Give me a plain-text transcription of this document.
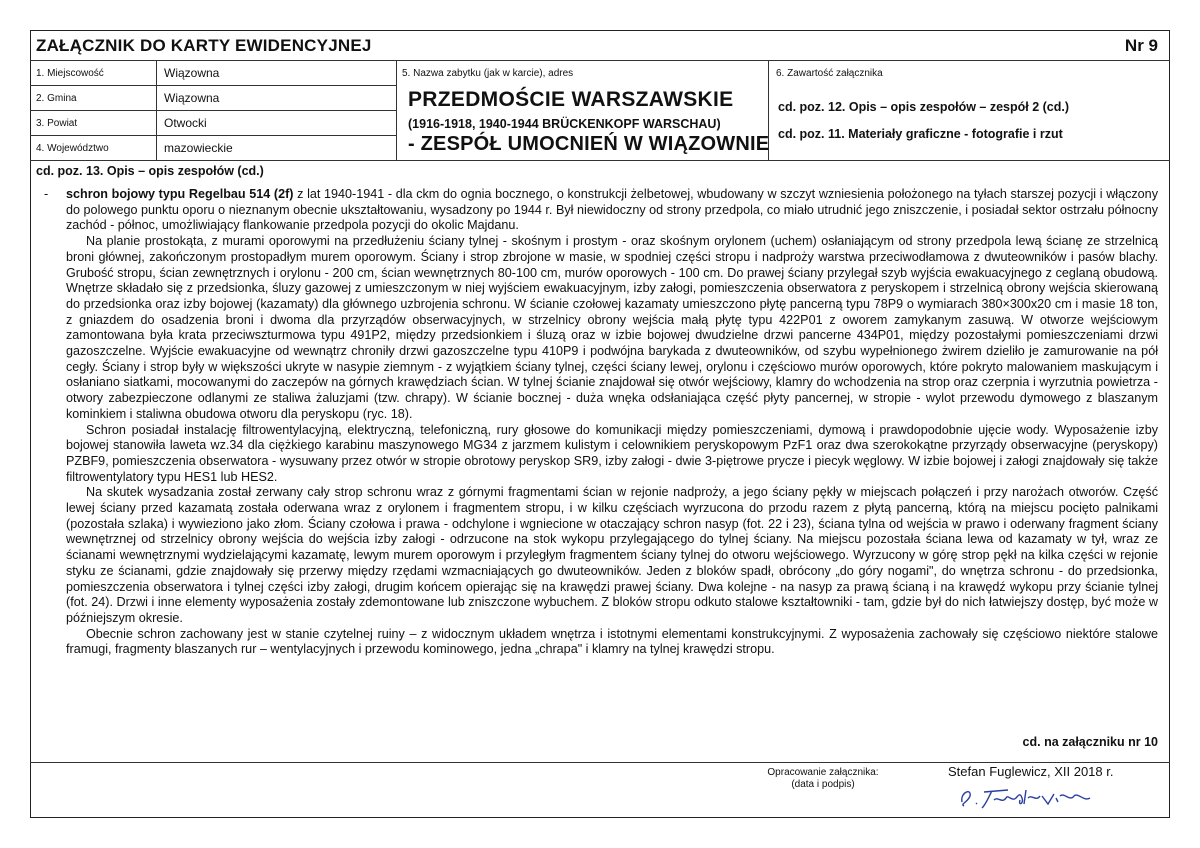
ZAŁĄCZNIK DO KARTY EWIDENCYJNEJ	Nr 9
1. Miejscowość	Wiązowna
2. Gmina	Wiązowna
3. Powiat	Otwocki
4. Województwo	mazowieckie
5. Nazwa zabytku (jak w karcie), adres
PRZEDMOŚCIE WARSZAWSKIE
(1916-1918, 1940-1944 BRÜCKENKOPF WARSCHAU)
- ZESPÓŁ UMOCNIEŃ W WIĄZOWNIE
6. Zawartość załącznika
cd. poz. 12. Opis – opis zespołów – zespół 2 (cd.)
cd. poz. 11. Materiały graficzne - fotografie i rzut
cd. poz. 13. Opis – opis zespołów (cd.)
- schron bojowy typu Regelbau 514 (2f) z lat 1940-1941 - dla ckm do ognia bocznego, o konstrukcji żelbetowej, wbudowany w szczyt wzniesienia położonego na tyłach starszej pozycji i włączony do polowego punktu oporu o nieznanym obecnie ukształtowaniu, wysadzony po 1944 r. Był niewidoczny od strony przedpola, co miało utrudnić jego zniszczenie, i posiadał sektor ostrzału północny zachód - północ, umożliwiający flankowanie przedpola pozycji do okolic Majdanu.

Na planie prostokąta, z murami oporowymi na przedłużeniu ściany tylnej - skośnym i prostym - oraz skośnym orylonem (uchem) osłaniającym od strony przedpola lewą ścianę ze strzelnicą broni głównej, zakończonym prostopadłym murem oporowym. Ściany i strop zbrojone w masie, w spodniej części stropu i nadproży warstwa przeciwodłamowa z dwuteowników i pasów blachy. Grubość stropu, ścian zewnętrznych i orylonu - 200 cm, ścian wewnętrznych 80-100 cm, murów oporowych - 100 cm. Do prawej ściany przylegał szyb wyjścia ewakuacyjnego z ceglaną obudową. Wnętrze składało się z przedsionka, śluzy gazowej z umieszczonym w niej wyjściem ewakuacyjnym, izby załogi, pomieszczenia obserwatora z peryskopem i strzelnicą obrony wejścia skierowaną do przedsionka oraz izby bojowej (kazamaty) dla głównego uzbrojenia schronu. W ścianie czołowej kazamaty umieszczono płytę pancerną typu 78P9 o wymiarach 380×300x20 cm i masie 18 ton, z gniazdem do osadzenia broni i dwoma dla przyrządów obserwacyjnych, w strzelnicy obrony wejścia małą płytę typu 422P01 z oworem zamykanym zasuwą. W otworze wejściowym zamontowana była krata przeciwszturmowa typu 491P2, między przedsionkiem i śluzą oraz w izbie bojowej dwudzielne drzwi pancerne 434P01, między pozostałymi pomieszczeniami drzwi gazoszczelne. Wyjście ewakuacyjne od wewnątrz chroniły drzwi gazoszczelne typu 410P9 i podwójna barykada z dwuteowników, od szybu wypełnionego żwirem dzieliło je zamurowanie na pół cegły. Ściany i strop były w większości ukryte w nasypie ziemnym - z wyjątkiem ściany tylnej, części ściany lewej, orylonu i częściowo murów oporowych, które pokryto malowaniem maskującym i osłaniano siatkami, mocowanymi do zaczepów na górnych krawędziach ścian. W tylnej ścianie znajdował się otwór wejściowy, klamry do wchodzenia na strop oraz czerpnia i wyrzutnia powietrza - otwory zabezpieczone odlanymi ze staliwa żaluzjami (tzw. chrapy). W ścianie bocznej - duża wnęka odsłaniająca część płyty pancernej, w stropie - wylot przewodu dymowego z blaszanym kominkiem i staliwna obudowa otworu dla peryskopu (ryc. 18).

Schron posiadał instalację filtrowentylacyjną, elektryczną, telefoniczną, rury głosowe do komunikacji między pomieszczeniami, dymową i prawdopodobnie ujęcie wody. Wyposażenie izby bojowej stanowiła laweta wz.34 dla ciężkiego karabinu maszynowego MG34 z jarzmem kulistym i celownikiem peryskopowym PzF1 oraz dwa szerokokątne przyrządy obserwacyjne (peryskopy) PZBF9, pomieszczenia obserwatora - wysuwany przez otwór w stropie obrotowy peryskop SR9, izby załogi - dwie 3-piętrowe prycze i piecyk węglowy. W izbie bojowej i załogi znajdowały się także filtrowentylatory typu HES1 lub HES2.

Na skutek wysadzania został zerwany cały strop schronu wraz z górnymi fragmentami ścian w rejonie nadproży, a jego ściany pękły w miejscach połączeń i przy narożach otworów. Część lewej ściany przed kazamatą została oderwana wraz z orylonem i fragmentem stropu, i w kilku częściach wyrzucona do przodu razem z płytą pancerną, którą na miejscu pocięto palnikami (pozostała szlaka) i wywieziono jako złom. Ściany czołowa i prawa - odchylone i wgniecione w otaczający schron nasyp (fot. 22 i 23), ściana tylna od wejścia w prawo i oderwany fragment ściany wewnętrznej od strzelnicy obrony wejścia do wejścia izby załogi - odrzucone na stok wykopu przylegającego do tylnej ściany. Na miejscu pozostała ściana lewa od kazamaty w tył, wraz ze ścianami wewnętrznymi wydzielającymi kazamatę, lewym murem oporowym i przyległym fragmentem ściany tylnej do otworu wejściowego. Wyrzucony w górę strop pękł na kilka części w rejonie styku ze ścianami, gdzie znajdowały się przerwy między rzędami wzmacniających go dwuteowników. Jeden z bloków spadł, obrócony „do góry nogami", do wnętrza schronu - do przedsionka, pomieszczenia obserwatora i tylnej części izby załogi, drugim końcem opierając się na krawędzi prawej ściany. Dwa kolejne - na nasyp za prawą ścianą i na krawędź wykopu przy ścianie tylnej (fot. 24). Drzwi i inne elementy wyposażenia zostały zdemontowane lub zniszczone wybuchem. Z bloków stropu odkuto stalowe kształtowniki - tam, gdzie był do nich łatwiejszy dostęp, być może w późniejszym okresie.

Obecnie schron zachowany jest w stanie czytelnej ruiny – z widocznym układem wnętrza i istotnymi elementami konstrukcyjnymi. Z wyposażenia zachowały się częściowo niektóre stalowe framugi, fragmenty blaszanych rur – wentylacyjnych i przewodu kominowego, jedna „chrapa" i klamry na tylnej krawędzi stropu.

cd. na załączniku nr 10
Opracowanie załącznika:
(data i podpis)
Stefan Fuglewicz, XII 2018 r.
